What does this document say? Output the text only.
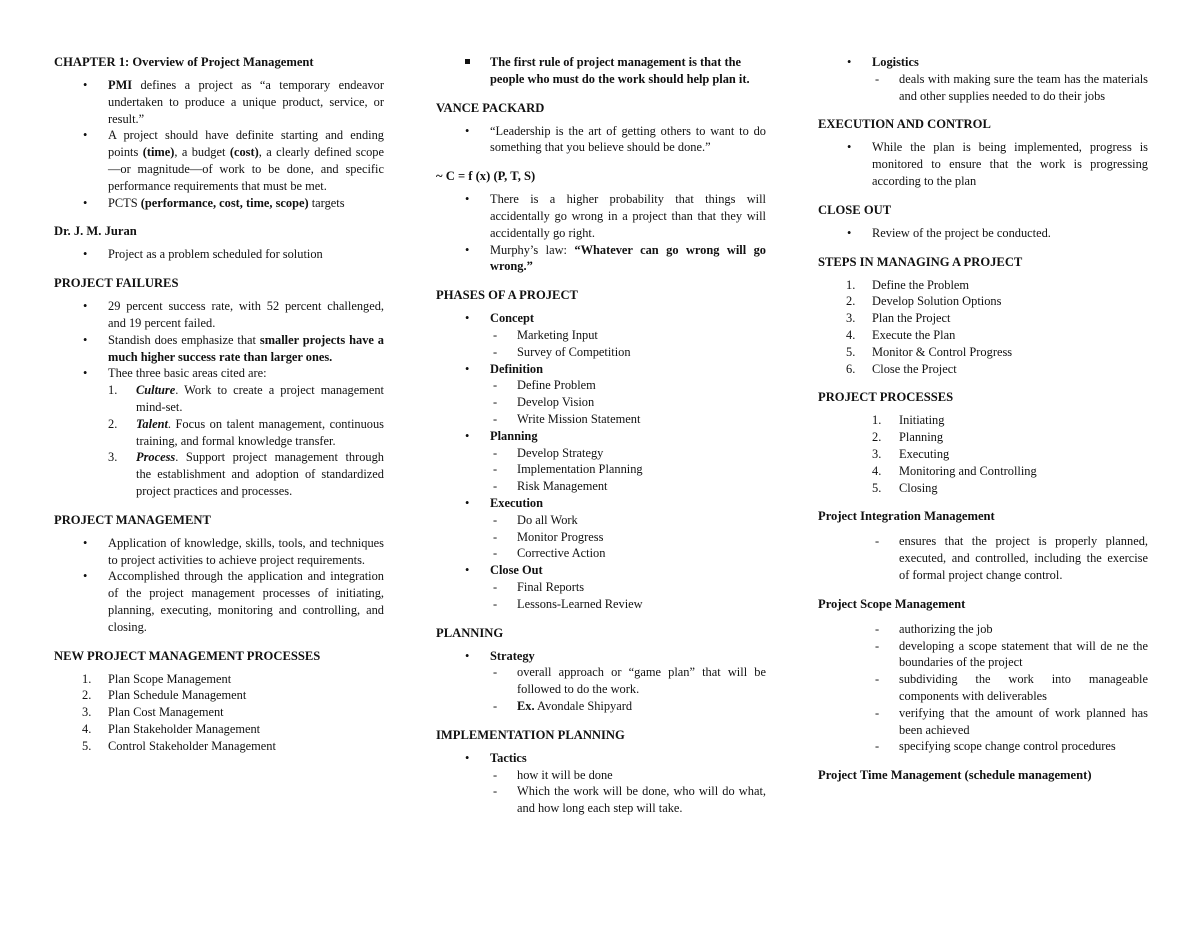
CHAPTER 1: Overview of Project Management
• PMI defines a project as “a temporary endeavor undertaken to produce a unique product, service, or result.”
• A project should have definite starting and ending points (time), a budget (cost), a clearly defined scope—or magnitude—of work to be done, and specific performance requirements that must be met.
• PCTS (performance, cost, time, scope) targets
Dr. J. M. Juran
• Project as a problem scheduled for solution
PROJECT FAILURES
• 29 percent success rate, with 52 percent challenged, and 19 percent failed.
• Standish does emphasize that smaller projects have a much higher success rate than larger ones.
• Thee three basic areas cited are:
1. Culture. Work to create a project management mind-set.
2. Talent. Focus on talent management, continuous training, and formal knowledge transfer.
3. Process. Support project management through the establishment and adoption of standardized project practices and processes.
PROJECT MANAGEMENT
• Application of knowledge, skills, tools, and techniques to project activities to achieve project requirements.
• Accomplished through the application and integration of the project management processes of initiating, planning, executing, monitoring and controlling, and closing.
NEW PROJECT MANAGEMENT PROCESSES
1. Plan Scope Management
2. Plan Schedule Management
3. Plan Cost Management
4. Plan Stakeholder Management
5. Control Stakeholder Management
The first rule of project management is that the people who must do the work should help plan it.
VANCE PACKARD
• “Leadership is the art of getting others to want to do something that you believe should be done.”
~ C = f (x) (P, T, S)
• There is a higher probability that things will accidentally go wrong in a project than that they will accidentally go right.
• Murphy’s law: “Whatever can go wrong will go wrong.”
PHASES OF A PROJECT
• Concept
- Marketing Input
- Survey of Competition
• Definition
- Define Problem
- Develop Vision
- Write Mission Statement
• Planning
- Develop Strategy
- Implementation Planning
- Risk Management
• Execution
- Do all Work
- Monitor Progress
- Corrective Action
• Close Out
- Final Reports
- Lessons-Learned Review
PLANNING
• Strategy
- overall approach or “game plan” that will be followed to do the work.
- Ex. Avondale Shipyard
IMPLEMENTATION PLANNING
• Tactics
- how it will be done
- Which the work will be done, who will do what, and how long each step will take.
• Logistics
- deals with making sure the team has the materials and other supplies needed to do their jobs
EXECUTION AND CONTROL
• While the plan is being implemented, progress is monitored to ensure that the work is progressing according to the plan
CLOSE OUT
• Review of the project be conducted.
STEPS IN MANAGING A PROJECT
1. Define the Problem
2. Develop Solution Options
3. Plan the Project
4. Execute the Plan
5. Monitor & Control Progress
6. Close the Project
PROJECT PROCESSES
1. Initiating
2. Planning
3. Executing
4. Monitoring and Controlling
5. Closing
Project Integration Management
- ensures that the project is properly planned, executed, and controlled, including the exercise of formal project change control.
Project Scope Management
- authorizing the job
- developing a scope statement that will de ne the boundaries of the project
- subdividing the work into manageable components with deliverables
- verifying that the amount of work planned has been achieved
- specifying scope change control procedures
Project Time Management (schedule management)
